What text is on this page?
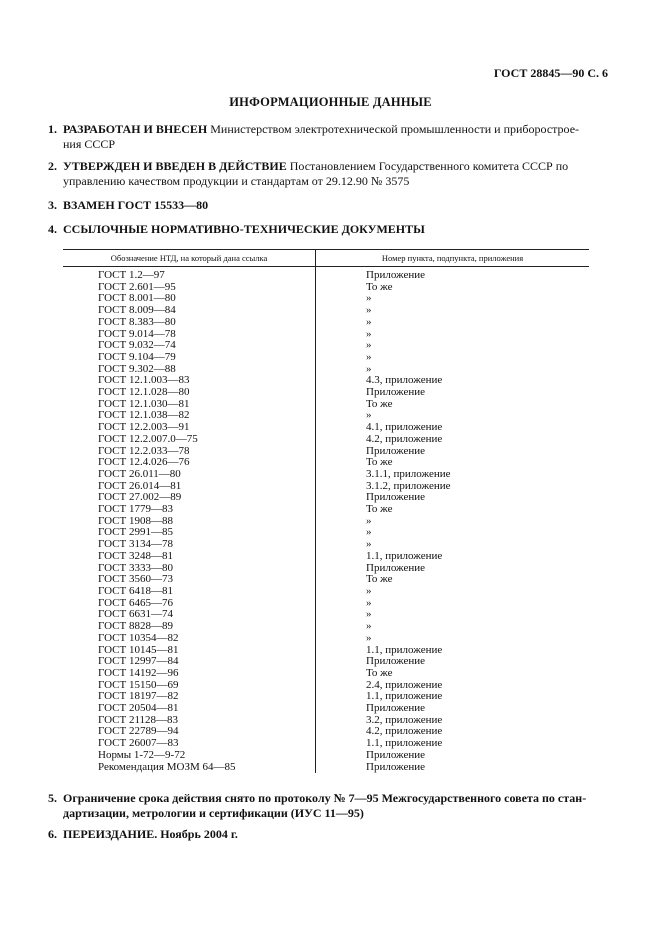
ГОСТ 28845—90 С. 6
ИНФОРМАЦИОННЫЕ ДАННЫЕ
1. РАЗРАБОТАН И ВНЕСЕН Министерством электротехнической промышленности и приборострое-ния СССР
2. УТВЕРЖДЕН И ВВЕДЕН В ДЕЙСТВИЕ Постановлением Государственного комитета СССР по управлению качеством продукции и стандартам от 29.12.90 № 3575
3. ВЗАМЕН ГОСТ 15533—80
4. ССЫЛОЧНЫЕ НОРМАТИВНО-ТЕХНИЧЕСКИЕ ДОКУМЕНТЫ
Обозначение НТД, на который дана ссылка	Номер пункта, подпункта, приложения
ГОСТ 1.2—97	Приложение
ГОСТ 2.601—95	То же
ГОСТ 8.001—80	»
ГОСТ 8.009—84	»
ГОСТ 8.383—80	»
ГОСТ 9.014—78	»
ГОСТ 9.032—74	»
ГОСТ 9.104—79	»
ГОСТ 9.302—88	»
ГОСТ 12.1.003—83	4.3, приложение
ГОСТ 12.1.028—80	Приложение
ГОСТ 12.1.030—81	То же
ГОСТ 12.1.038—82	»
ГОСТ 12.2.003—91	4.1, приложение
ГОСТ 12.2.007.0—75	4.2, приложение
ГОСТ 12.2.033—78	Приложение
ГОСТ 12.4.026—76	То же
ГОСТ 26.011—80	3.1.1, приложение
ГОСТ 26.014—81	3.1.2, приложение
ГОСТ 27.002—89	Приложение
ГОСТ 1779—83	То же
ГОСТ 1908—88	»
ГОСТ 2991—85	»
ГОСТ 3134—78	»
ГОСТ 3248—81	1.1, приложение
ГОСТ 3333—80	Приложение
ГОСТ 3560—73	То же
ГОСТ 6418—81	»
ГОСТ 6465—76	»
ГОСТ 6631—74	»
ГОСТ 8828—89	»
ГОСТ 10354—82	»
ГОСТ 10145—81	1.1, приложение
ГОСТ 12997—84	Приложение
ГОСТ 14192—96	То же
ГОСТ 15150—69	2.4, приложение
ГОСТ 18197—82	1.1, приложение
ГОСТ 20504—81	Приложение
ГОСТ 21128—83	3.2, приложение
ГОСТ 22789—94	4.2, приложение
ГОСТ 26007—83	1.1, приложение
Нормы 1-72—9-72	Приложение
Рекомендация МОЗМ 64—85	Приложение
5. Ограничение срока действия снято по протоколу № 7—95 Межгосударственного совета по стан-дартизации, метрологии и сертификации (ИУС 11—95)
6. ПЕРЕИЗДАНИЕ. Ноябрь 2004 г.
